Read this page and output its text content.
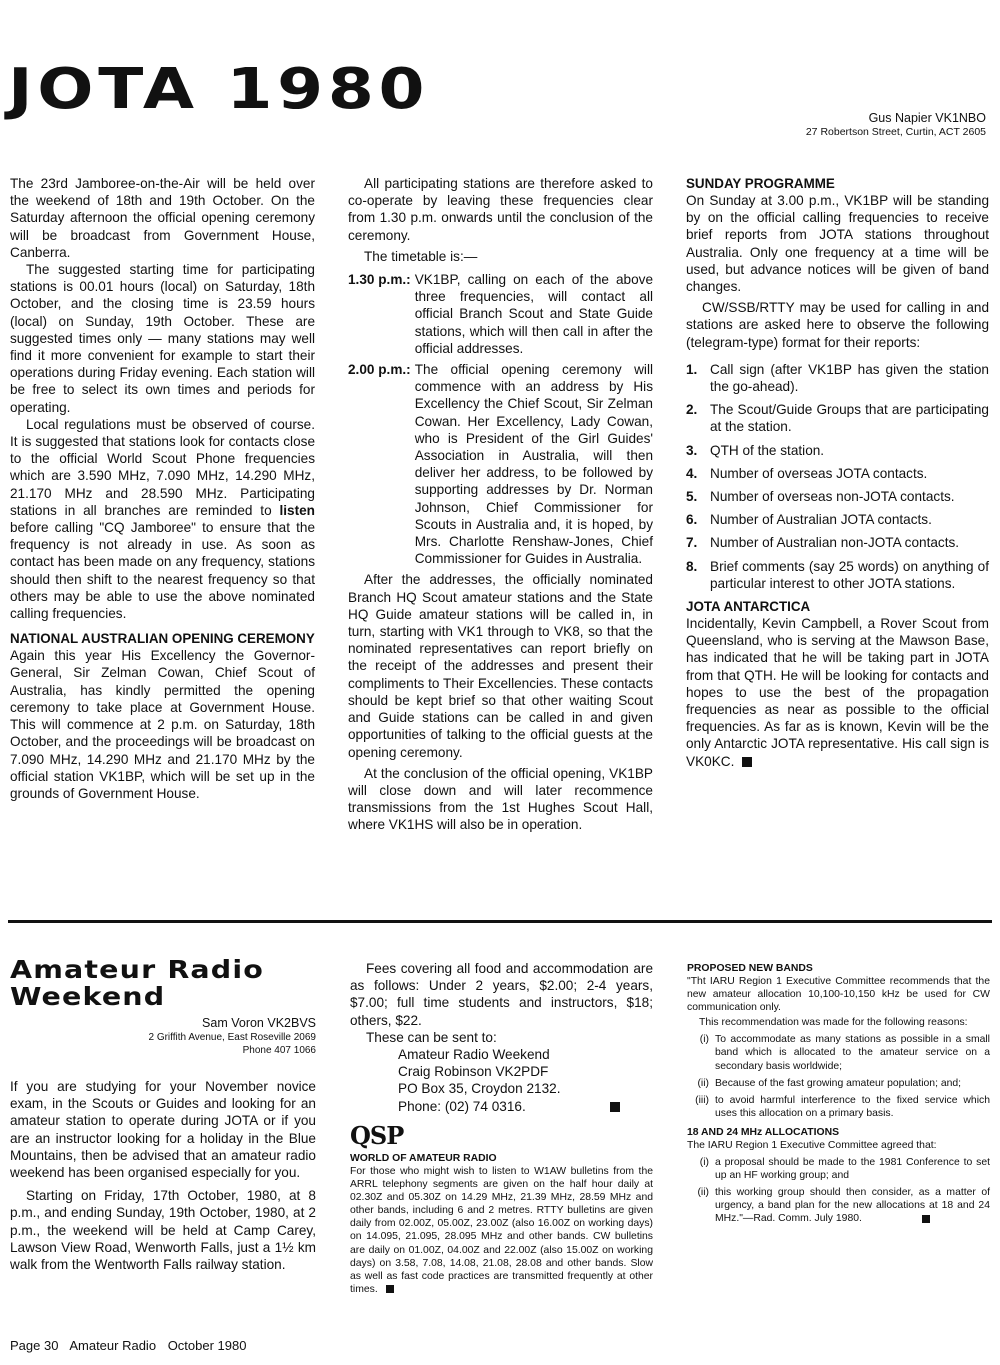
JOTA 1980	Gus Napier VK1NBO
27 Robertson Street, Curtin, ACT 2605

The 23rd Jamboree-on-the-Air will be held over the weekend of 18th and 19th October. On the Saturday afternoon the official opening ceremony will be broadcast from Government House, Canberra.

The suggested starting time for participating stations is 00.01 hours (local) on Saturday, 18th October, and the closing time is 23.59 hours (local) on Sunday, 19th October. These are suggested times only — many stations may well find it more convenient for example to start their operations during Friday evening. Each station will be free to select its own times and periods for operating.

Local regulations must be observed of course. It is suggested that stations look for contacts close to the official World Scout Phone frequencies which are 3.590 MHz, 7.090 MHz, 14.290 MHz, 21.170 MHz and 28.590 MHz. Participating stations in all branches are reminded to listen before calling "CQ Jamboree" to ensure that the frequency is not already in use. As soon as contact has been made on any frequency, stations should then shift to the nearest frequency so that others may be able to use the above nominated calling frequencies.

NATIONAL AUSTRALIAN OPENING CEREMONY

Again this year His Excellency the Governor-General, Sir Zelman Cowan, Chief Scout of Australia, has kindly permitted the opening ceremony to take place at Government House. This will commence at 2 p.m. on Saturday, 18th October, and the proceedings will be broadcast on 7.090 MHz, 14.290 MHz and 21.170 MHz by the official station VK1BP, which will be set up in the grounds of Government House.

All participating stations are therefore asked to co-operate by leaving these frequencies clear from 1.30 p.m. onwards until the conclusion of the ceremony.

The timetable is:—

1.30 p.m.: VK1BP, calling on each of the above three frequencies, will contact all official Branch Scout and State Guide stations, which will then call in after the official addresses.
2.00 p.m.: The official opening ceremony will commence with an address by His Excellency the Chief Scout, Sir Zelman Cowan. Her Excellency, Lady Cowan, who is President of the Girl Guides' Association in Australia, will then deliver her address, to be followed by supporting addresses by Dr. Norman Johnson, Chief Commissioner for Scouts in Australia and, it is hoped, by Mrs. Charlotte Renshaw-Jones, Chief Commissioner for Guides in Australia.

After the addresses, the officially nominated Branch HQ Scout amateur stations and the State HQ Guide amateur stations will be called in, in turn, starting with VK1 through to VK8, so that the nominated representatives can report briefly on the receipt of the addresses and present their compliments to Their Excellencies. These contacts should be kept brief so that other waiting Scout and Guide stations can be called in and given opportunities of talking to the official guests at the opening ceremony.

At the conclusion of the official opening, VK1BP will close down and will later recommence transmissions from the 1st Hughes Scout Hall, where VK1HS will also be in operation.

SUNDAY PROGRAMME

On Sunday at 3.00 p.m., VK1BP will be standing by on the official calling frequencies to receive brief reports from JOTA stations throughout Australia. Only one frequency at a time will be used, but advance notices will be given of band changes.

CW/SSB/RTTY may be used for calling in and stations are asked here to observe the following (telegram-type) format for their reports:

1. Call sign (after VK1BP has given the station the go-ahead).
2. The Scout/Guide Groups that are participating at the station.
3. QTH of the station.
4. Number of overseas JOTA contacts.
5. Number of overseas non-JOTA contacts.
6. Number of Australian JOTA contacts.
7. Number of Australian non-JOTA contacts.
8. Brief comments (say 25 words) on anything of particular interest to other JOTA stations.
JOTA ANTARCTICA

Incidentally, Kevin Campbell, a Rover Scout from Queensland, who is serving at the Mawson Base, has indicated that he will be taking part in JOTA from that QTH. He will be looking for contacts and hopes to use the best of the propagation frequencies as near as possible to the official frequencies. As far as is known, Kevin will be the only Antarctic JOTA representative. His call sign is VK0KC.

Amateur Radio
Weekend
Sam Voron VK2BVS
2 Griffith Avenue, East Roseville 2069
Phone 407 1066

If you are studying for your November novice exam, in the Scouts or Guides and looking for an amateur station to operate during JOTA or if you are an instructor looking for a holiday in the Blue Mountains, then be advised that an amateur radio weekend has been organised especially for you.

Starting on Friday, 17th October, 1980, at 8 p.m., and ending Sunday, 19th October, 1980, at 2 p.m., the weekend will be held at Camp Carey, Lawson View Road, Wenworth Falls, just a 1½ km walk from the Wentworth Falls railway station.

Fees covering all food and accommodation are as follows: Under 2 years, $2.00; 2-4 years, $7.00; full time students and instructors, $18; others, $22.

These can be sent to:

Amateur Radio Weekend
Craig Robinson VK2PDF
PO Box 35, Croydon 2132.
Phone: (02) 74 0316.
QSP
WORLD OF AMATEUR RADIO

For those who might wish to listen to W1AW bulletins from the ARRL telephony segments are given on the half hour daily at 02.30Z and 05.30Z on 14.29 MHz, 21.39 MHz, 28.59 MHz and other bands, including 6 and 2 metres. RTTY bulletins are given daily from 02.00Z, 05.00Z, 23.00Z (also 16.00Z on working days) on 14.095, 21.095, 28.095 MHz and other bands. CW bulletins are daily on 01.00Z, 04.00Z and 22.00Z (also 15.00Z on working days) on 3.58, 7.08, 14.08, 21.08, 28.08 and other bands. Slow as well as fast code practices are transmitted frequently at other times.

PROPOSED NEW BANDS

"Tht IARU Region 1 Executive Committee recommends that the new amateur allocation 10,100-10,150 kHz be used for CW communication only.

This recommendation was made for the following reasons:

(i) To accommodate as many stations as possible in a small band which is allocated to the amateur service on a secondary basis worldwide;
(ii) Because of the fast growing amateur population; and;
(iii) to avoid harmful interference to the fixed service which uses this allocation on a primary basis.
18 AND 24 MHz ALLOCATIONS

The IARU Region 1 Executive Committee agreed that:

(i) a proposal should be made to the 1981 Conference to set up an HF working group; and
(ii) this working group should then consider, as a matter of urgency, a band plan for the new allocations at 18 and 24 MHz."—Rad. Comm. July 1980.
Page 30 Amateur Radio October 1980
